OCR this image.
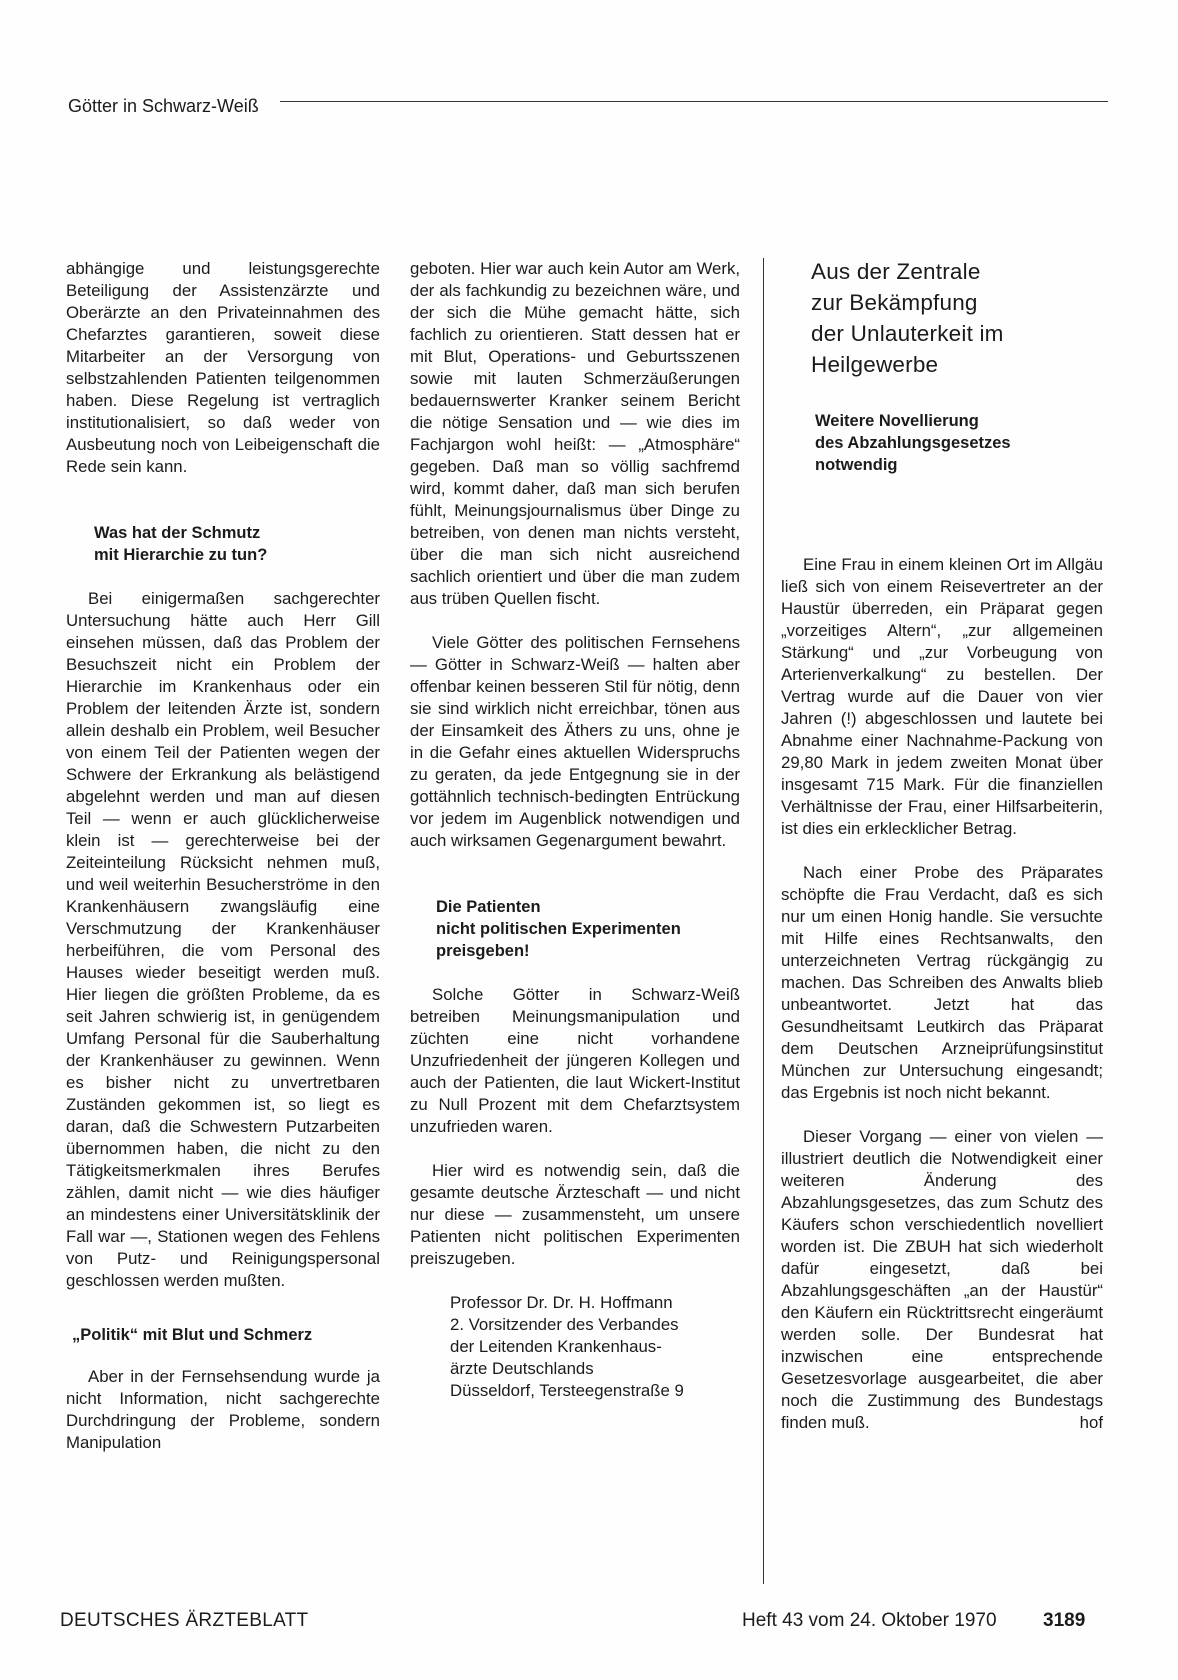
Götter in Schwarz-Weiß

abhängige und leistungsgerechte Beteiligung der Assistenzärzte und Oberärzte an den Privateinnahmen des Chefarztes garantieren, soweit diese Mitarbeiter an der Versorgung von selbstzahlenden Patienten teilgenommen haben. Diese Regelung ist vertraglich institutionalisiert, so daß weder von Ausbeutung noch von Leibeigenschaft die Rede sein kann.

Was hat der Schmutz
mit Hierarchie zu tun?

Bei einigermaßen sachgerechter Untersuchung hätte auch Herr Gill einsehen müssen, daß das Problem der Besuchszeit nicht ein Problem der Hierarchie im Krankenhaus oder ein Problem der leitenden Ärzte ist, sondern allein deshalb ein Problem, weil Besucher von einem Teil der Patienten wegen der Schwere der Erkrankung als belästigend abgelehnt werden und man auf diesen Teil — wenn er auch glücklicherweise klein ist — gerechterweise bei der Zeiteinteilung Rücksicht nehmen muß, und weil weiterhin Besucherströme in den Krankenhäusern zwangsläufig eine Verschmutzung der Krankenhäuser herbeiführen, die vom Personal des Hauses wieder beseitigt werden muß. Hier liegen die größten Probleme, da es seit Jahren schwierig ist, in genügendem Umfang Personal für die Sauberhaltung der Krankenhäuser zu gewinnen. Wenn es bisher nicht zu unvertretbaren Zuständen gekommen ist, so liegt es daran, daß die Schwestern Putzarbeiten übernommen haben, die nicht zu den Tätigkeitsmerkmalen ihres Berufes zählen, damit nicht — wie dies häufiger an mindestens einer Universitätsklinik der Fall war —, Stationen wegen des Fehlens von Putz- und Reinigungspersonal geschlossen werden mußten.

„Politik“ mit Blut und Schmerz

Aber in der Fernsehsendung wurde ja nicht Information, nicht sachgerechte Durchdringung der Probleme, sondern Manipulation

geboten. Hier war auch kein Autor am Werk, der als fachkundig zu bezeichnen wäre, und der sich die Mühe gemacht hätte, sich fachlich zu orientieren. Statt dessen hat er mit Blut, Operations- und Geburtsszenen sowie mit lauten Schmerzäußerungen bedauernswerter Kranker seinem Bericht die nötige Sensation und — wie dies im Fachjargon wohl heißt: — „Atmosphäre“ gegeben. Daß man so völlig sachfremd wird, kommt daher, daß man sich berufen fühlt, Meinungsjournalismus über Dinge zu betreiben, von denen man nichts versteht, über die man sich nicht ausreichend sachlich orientiert und über die man zudem aus trüben Quellen fischt.

Viele Götter des politischen Fernsehens — Götter in Schwarz-Weiß — halten aber offenbar keinen besseren Stil für nötig, denn sie sind wirklich nicht erreichbar, tönen aus der Einsamkeit des Äthers zu uns, ohne je in die Gefahr eines aktuellen Widerspruchs zu geraten, da jede Entgegnung sie in der gottähnlich technisch-bedingten Entrückung vor jedem im Augenblick notwendigen und auch wirksamen Gegenargument bewahrt.

Die Patienten
nicht politischen Experimenten
preisgeben!

Solche Götter in Schwarz-Weiß betreiben Meinungsmanipulation und züchten eine nicht vorhandene Unzufriedenheit der jüngeren Kollegen und auch der Patienten, die laut Wickert-Institut zu Null Prozent mit dem Chefarztsystem unzufrieden waren.

Hier wird es notwendig sein, daß die gesamte deutsche Ärzteschaft — und nicht nur diese — zusammensteht, um unsere Patienten nicht politischen Experimenten preiszugeben.

Professor Dr. Dr. H. Hoffmann
2. Vorsitzender des Verbandes
der Leitenden Krankenhaus-
ärzte Deutschlands
Düsseldorf, Tersteegenstraße 9
Aus der Zentrale
zur Bekämpfung
der Unlauterkeit im
Heilgewerbe
Weitere Novellierung
des Abzahlungsgesetzes
notwendig

Eine Frau in einem kleinen Ort im Allgäu ließ sich von einem Reisevertreter an der Haustür überreden, ein Präparat gegen „vorzeitiges Altern“, „zur allgemeinen Stärkung“ und „zur Vorbeugung von Arterienverkalkung“ zu bestellen. Der Vertrag wurde auf die Dauer von vier Jahren (!) abgeschlossen und lautete bei Abnahme einer Nachnahme-Packung von 29,80 Mark in jedem zweiten Monat über insgesamt 715 Mark. Für die finanziellen Verhältnisse der Frau, einer Hilfsarbeiterin, ist dies ein erklecklicher Betrag.

Nach einer Probe des Präparates schöpfte die Frau Verdacht, daß es sich nur um einen Honig handle. Sie versuchte mit Hilfe eines Rechtsanwalts, den unterzeichneten Vertrag rückgängig zu machen. Das Schreiben des Anwalts blieb unbeantwortet. Jetzt hat das Gesundheitsamt Leutkirch das Präparat dem Deutschen Arzneiprüfungsinstitut München zur Untersuchung eingesandt; das Ergebnis ist noch nicht bekannt.

Dieser Vorgang — einer von vielen — illustriert deutlich die Notwendigkeit einer weiteren Änderung des Abzahlungsgesetzes, das zum Schutz des Käufers schon verschiedentlich novelliert worden ist. Die ZBUH hat sich wiederholt dafür eingesetzt, daß bei Abzahlungsgeschäften „an der Haustür“ den Käufern ein Rücktrittsrecht eingeräumt werden solle. Der Bundesrat hat inzwischen eine entsprechende Gesetzesvorlage ausgearbeitet, die aber noch die Zustimmung des Bundestags finden muß.	hof

DEUTSCHES ÄRZTEBLATT	Heft 43 vom 24. Oktober 1970 3189
